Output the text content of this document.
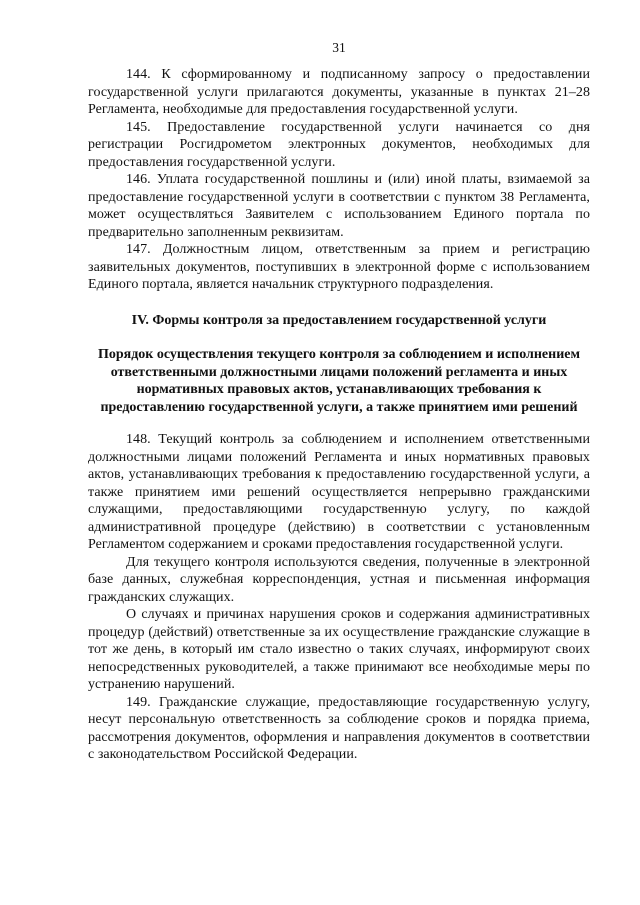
31

144. К сформированному и подписанному запросу о предоставлении государственной услуги прилагаются документы, указанные в пунктах 21–28 Регламента, необходимые для предоставления государственной услуги.

145. Предоставление государственной услуги начинается со дня регистрации Росгидрометом электронных документов, необходимых для предоставления государственной услуги.

146. Уплата государственной пошлины и (или) иной платы, взимаемой за предоставление государственной услуги в соответствии с пунктом 38 Регламента, может осуществляться Заявителем с использованием Единого портала по предварительно заполненным реквизитам.

147. Должностным лицом, ответственным за прием и регистрацию заявительных документов, поступивших в электронной форме с использованием Единого портала, является начальник структурного подразделения.

IV. Формы контроля за предоставлением государственной услуги
Порядок осуществления текущего контроля за соблюдением и исполнением ответственными должностными лицами положений регламента и иных нормативных правовых актов, устанавливающих требования к предоставлению государственной услуги, а также принятием ими решений

148. Текущий контроль за соблюдением и исполнением ответственными должностными лицами положений Регламента и иных нормативных правовых актов, устанавливающих требования к предоставлению государственной услуги, а также принятием ими решений осуществляется непрерывно гражданскими служащими, предоставляющими государственную услугу, по каждой административной процедуре (действию) в соответствии с установленным Регламентом содержанием и сроками предоставления государственной услуги.

Для текущего контроля используются сведения, полученные в электронной базе данных, служебная корреспонденция, устная и письменная информация гражданских служащих.

О случаях и причинах нарушения сроков и содержания административных процедур (действий) ответственные за их осуществление гражданские служащие в тот же день, в который им стало известно о таких случаях, информируют своих непосредственных руководителей, а также принимают все необходимые меры по устранению нарушений.

149. Гражданские служащие, предоставляющие государственную услугу, несут персональную ответственность за соблюдение сроков и порядка приема, рассмотрения документов, оформления и направления документов в соответствии с законодательством Российской Федерации.
